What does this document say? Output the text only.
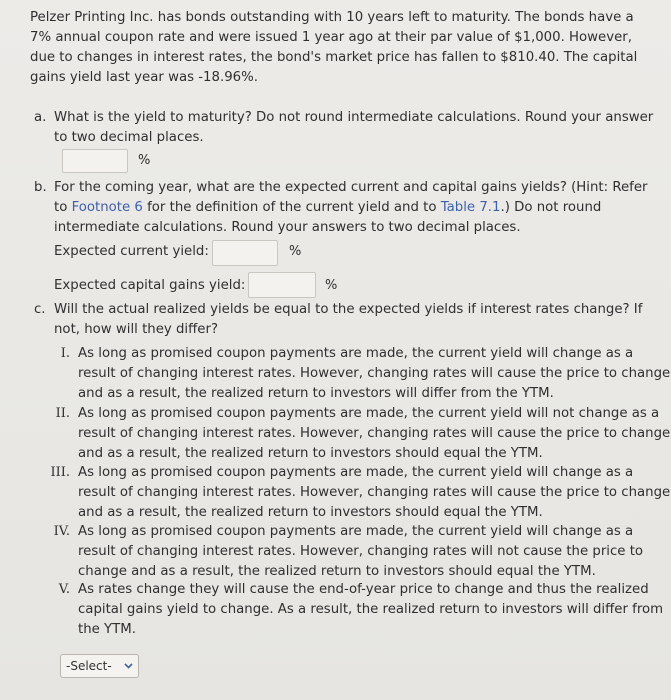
Pelzer Printing Inc. has bonds outstanding with 10 years left to maturity. The bonds have a
7% annual coupon rate and were issued 1 year ago at their par value of $1,000. However,
due to changes in interest rates, the bond's market price has fallen to $810.40. The capital
gains yield last year was -18.96%.
a. What is the yield to maturity? Do not round intermediate calculations. Round your answer
to two decimal places.
%
b. For the coming year, what are the expected current and capital gains yields? (Hint: Refer
to Footnote 6 for the definition of the current yield and to Table 7.1.) Do not round
intermediate calculations. Round your answers to two decimal places.
Expected current yield:	%
Expected capital gains yield:	%
c. Will the actual realized yields be equal to the expected yields if interest rates change? If
not, how will they differ?
I. As long as promised coupon payments are made, the current yield will change as a
result of changing interest rates. However, changing rates will cause the price to change
and as a result, the realized return to investors will differ from the YTM.
II. As long as promised coupon payments are made, the current yield will not change as a
result of changing interest rates. However, changing rates will cause the price to change
and as a result, the realized return to investors should equal the YTM.
III. As long as promised coupon payments are made, the current yield will change as a
result of changing interest rates. However, changing rates will cause the price to change
and as a result, the realized return to investors should equal the YTM.
IV. As long as promised coupon payments are made, the current yield will change as a
result of changing interest rates. However, changing rates will not cause the price to
change and as a result, the realized return to investors should equal the YTM.
V. As rates change they will cause the end-of-year price to change and thus the realized
capital gains yield to change. As a result, the realized return to investors will differ from
the YTM.
-Select-
